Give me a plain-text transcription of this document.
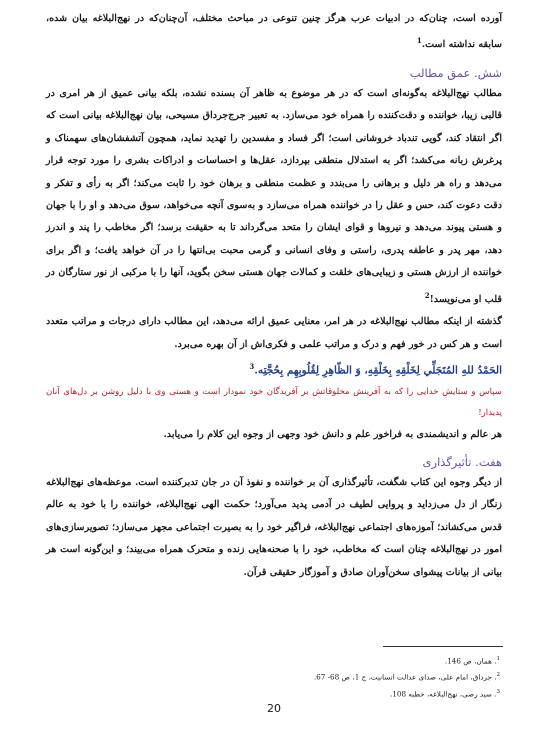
آورده است، چنان‌که در ادبیات عرب هرگز چنین تنوعی در مباحث مختلف، آن‌چنان‌که در نهج‌البلاغه بیان شده، سابقه نداشته است.$^1$

شش. عمق مطالب

مطالب نهج‌البلاغه به‌گونه‌ای است که در هر موضوع به ظاهر آن بسنده نشده، بلکه بیانی عمیق از هر امری در قالبی زیبا، خواننده و دقت‌کننده را همراه خود می‌سازد. به تعبیر جرج‌جرداق مسیحی، بیان نهج‌البلاغه بیانی است که اگر انتقاد کند، گویی تندباد خروشانی است؛ اگر فساد و مفسدین را تهدید نماید، همچون آتشفشان‌های سهمناک و پرغرش زبانه می‌کشد؛ اگر به استدلال منطقی بپردازد، عقل‌ها و احساسات و ادراکات بشری را مورد توجه قرار می‌دهد و راه هر دلیل و برهانی را می‌بندد و عظمت منطقی و برهان خود را ثابت می‌کند؛ اگر به رأی و تفکر و دقت دعوت کند، حس و عقل را در خواننده همراه می‌سازد و به‌سوی آنچه می‌خواهد، سوق می‌دهد و او را با جهان و هستی پیوند می‌دهد و نیروها و قوای ایشان را متحد می‌گرداند تا به حقیقت برسد؛ اگر مخاطب را پند و اندرز دهد، مهر پدر و عاطفه پدری، راستی و وفای انسانی و گرمی محبت بی‌انتها را در آن خواهد یافت؛ و اگر برای خواننده از ارزش هستی و زیبایی‌های خلقت و کمالات جهان هستی سخن بگوید، آنها را با مرکبی از نور ستارگان در قلب او می‌نویسد!$^2$

گذشته از اینکه مطالب نهج‌البلاغه در هر امر، معنایی عمیق ارائه می‌دهد، این مطالب دارای درجات و مراتب متعدد است و هر کس در خور فهم و درک و مراتب علمی و فکری‌اش از آن بهره می‌برد.

الحَمْدُ للهِ المُتَجَلِّي لِخَلْقِهِ بِخَلْقِهِ، وَ الظّاهِرِ لِقُلُوبِهِم بِحُجَّتِه.$^3$

سپاس و ستایش خدایی را که به آفرینش مخلوقاتش بر آفریدگان خود نمودار است و هستی وی با دلیل روشن بر دل‌های آنان پدیدار!

هر عالم و اندیشمندی به فراخور علم و دانش خود وجهی از وجوه این کلام را می‌یابد.

هفت. تأثیرگذاری

از دیگر وجوه این کتاب شگفت، تأثیرگذاری آن بر خواننده و نفوذ آن در جان تدبرکننده است. موعظه‌های نهج‌البلاغه زنگار از دل می‌زداید و پروایی لطیف در آدمی پدید می‌آورد؛ حکمت الهی نهج‌البلاغه، خواننده را با خود به عالم قدس می‌کشاند؛ آموزه‌های اجتماعی نهج‌البلاغه، فراگیر خود را به بصیرت اجتماعی مجهز می‌سازد؛ تصویرسازی‌های امور در نهج‌البلاغه چنان است که مخاطب، خود را با صحنه‌هایی زنده و متحرک همراه می‌بیند؛ و این‌گونه است هر بیانی از بیانات پیشوای سخن‌آوران صادق و آموزگار حقیقی قرآن.

$^1$. همان، ص 146.
$^2$. جرداق، امام علی، صدای عدالت انسانیت، ج 1، ص 68- 67.
$^3$. سید رضی، نهج‌البلاغه، خطبه 108.
20
